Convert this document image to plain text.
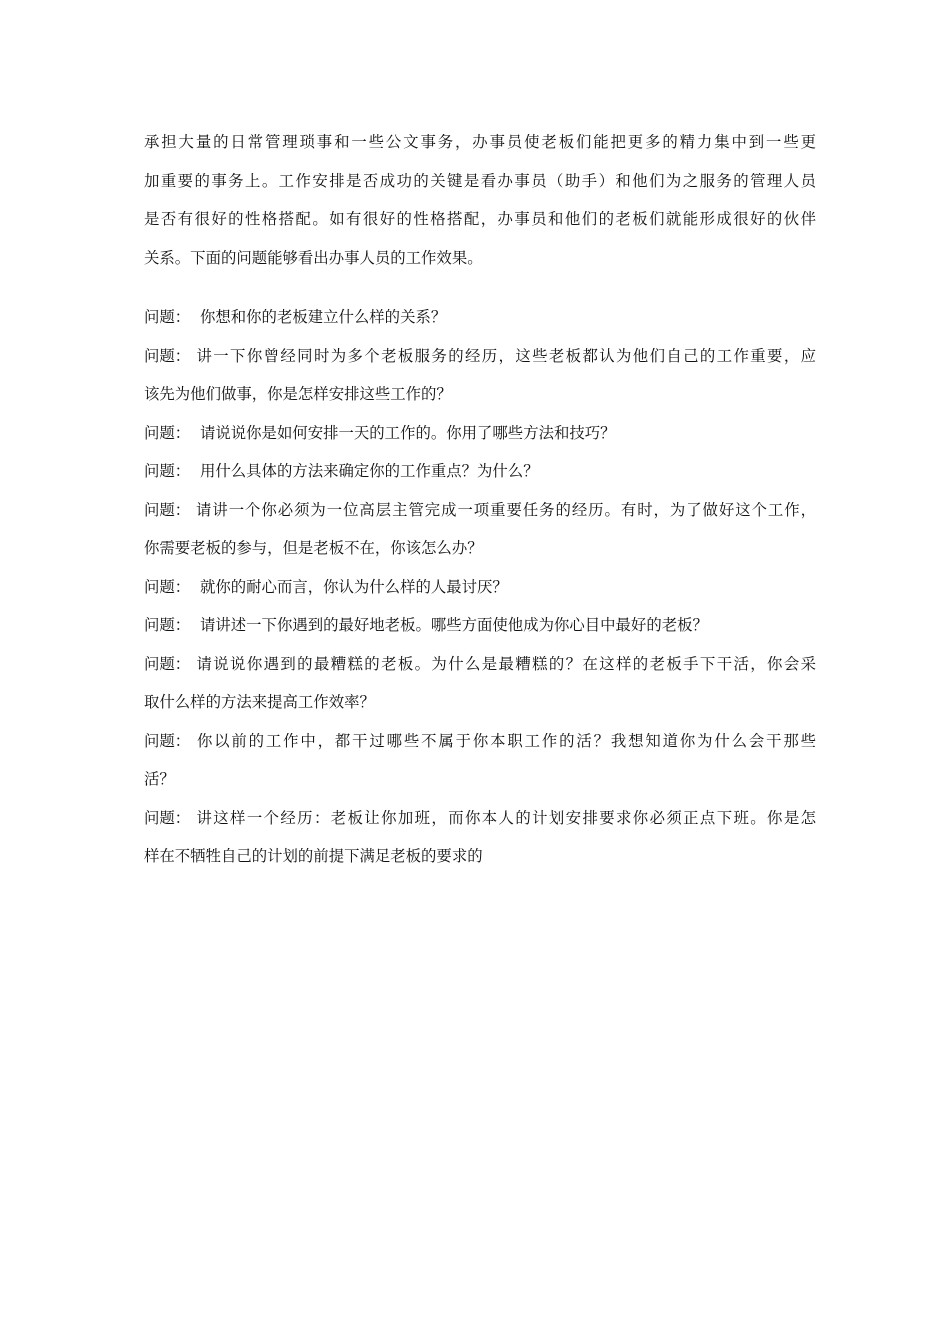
承担大量的日常管理琐事和一些公文事务，办事员使老板们能把更多的精力集中到一些更
加重要的事务上。工作安排是否成功的关键是看办事员（助手）和他们为之服务的管理人员
是否有很好的性格搭配。如有很好的性格搭配，办事员和他们的老板们就能形成很好的伙伴
关系。下面的问题能够看出办事人员的工作效果。
问题： 你想和你的老板建立什么样的关系？
问题： 讲一下你曾经同时为多个老板服务的经历，这些老板都认为他们自己的工作重要，应
该先为他们做事，你是怎样安排这些工作的？
问题： 请说说你是如何安排一天的工作的。你用了哪些方法和技巧？
问题： 用什么具体的方法来确定你的工作重点？为什么？
问题： 请讲一个你必须为一位高层主管完成一项重要任务的经历。有时，为了做好这个工作，
你需要老板的参与，但是老板不在，你该怎么办？
问题： 就你的耐心而言，你认为什么样的人最讨厌？
问题： 请讲述一下你遇到的最好地老板。哪些方面使他成为你心目中最好的老板？
问题： 请说说你遇到的最糟糕的老板。为什么是最糟糕的？在这样的老板手下干活，你会采
取什么样的方法来提高工作效率？
问题： 你以前的工作中，都干过哪些不属于你本职工作的活？我想知道你为什么会干那些
活？
问题： 讲这样一个经历：老板让你加班，而你本人的计划安排要求你必须正点下班。你是怎
样在不牺牲自己的计划的前提下满足老板的要求的
